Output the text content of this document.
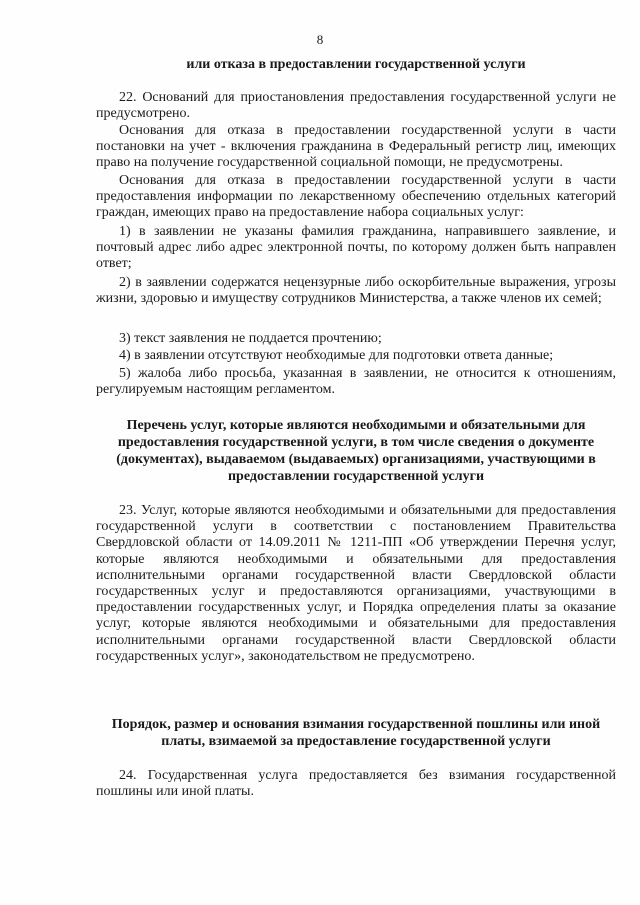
8
или отказа в предоставлении государственной услуги
22. Оснований для приостановления предоставления государственной услуги не предусмотрено.
Основания для отказа в предоставлении государственной услуги в части постановки на учет - включения гражданина в Федеральный регистр лиц, имеющих право на получение государственной социальной помощи, не предусмотрены.
Основания для отказа в предоставлении государственной услуги в части предоставления информации по лекарственному обеспечению отдельных категорий граждан, имеющих право на предоставление набора социальных услуг:
1) в заявлении не указаны фамилия гражданина, направившего заявление, и почтовый адрес либо адрес электронной почты, по которому должен быть направлен ответ;
2) в заявлении содержатся нецензурные либо оскорбительные выражения, угрозы жизни, здоровью и имуществу сотрудников Министерства, а также членов их семей;
3) текст заявления не поддается прочтению;
4) в заявлении отсутствуют необходимые для подготовки ответа данные;
5) жалоба либо просьба, указанная в заявлении, не относится к отношениям, регулируемым настоящим регламентом.
Перечень услуг, которые являются необходимыми и обязательными для предоставления государственной услуги, в том числе сведения о документе (документах), выдаваемом (выдаваемых) организациями, участвующими в предоставлении государственной услуги
23. Услуг, которые являются необходимыми и обязательными для предоставления государственной услуги в соответствии с постановлением Правительства Свердловской области от 14.09.2011 № 1211-ПП «Об утверждении Перечня услуг, которые являются необходимыми и обязательными для предоставления исполнительными органами государственной власти Свердловской области государственных услуг и предоставляются организациями, участвующими в предоставлении государственных услуг, и Порядка определения платы за оказание услуг, которые являются необходимыми и обязательными для предоставления исполнительными органами государственной власти Свердловской области государственных услуг», законодательством не предусмотрено.
Порядок, размер и основания взимания государственной пошлины или иной платы, взимаемой за предоставление государственной услуги
24. Государственная услуга предоставляется без взимания государственной пошлины или иной платы.
